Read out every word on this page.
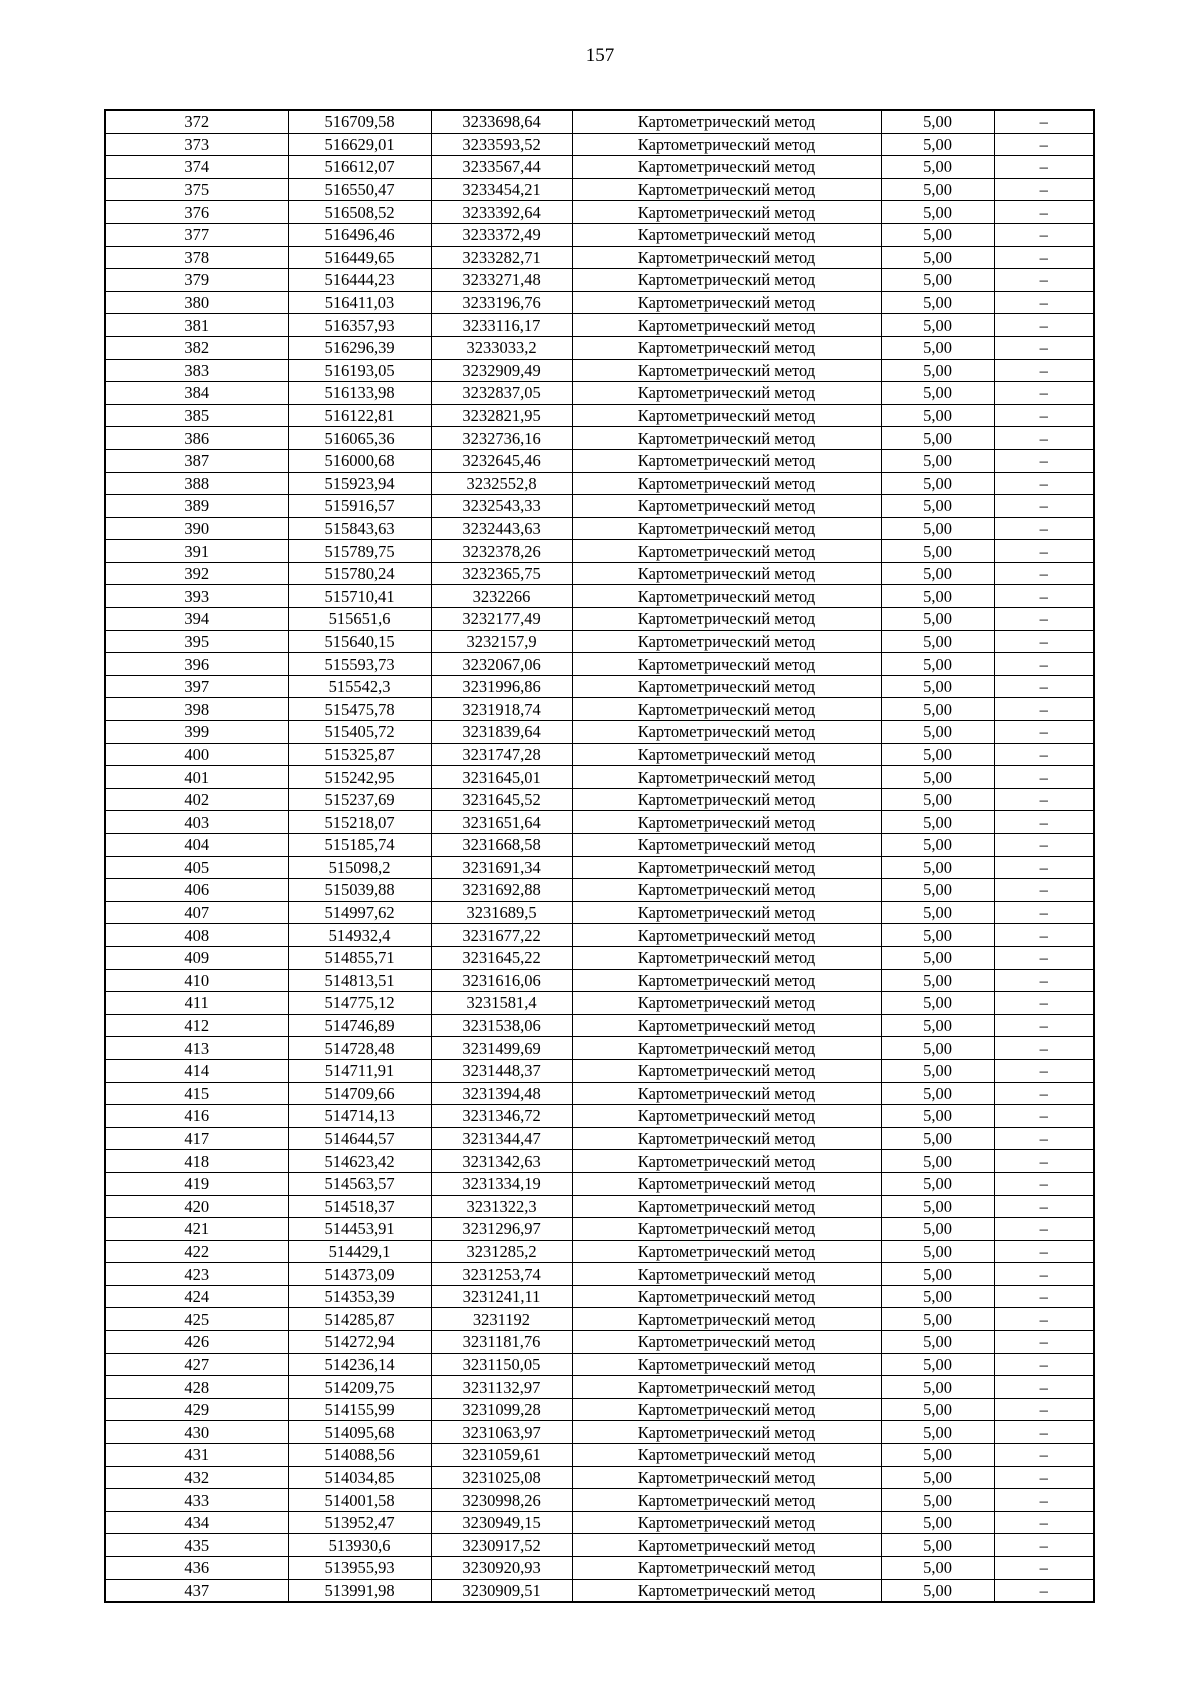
157
372	516709,58	3233698,64	Картометрический метод	5,00	–
373	516629,01	3233593,52	Картометрический метод	5,00	–
374	516612,07	3233567,44	Картометрический метод	5,00	–
375	516550,47	3233454,21	Картометрический метод	5,00	–
376	516508,52	3233392,64	Картометрический метод	5,00	–
377	516496,46	3233372,49	Картометрический метод	5,00	–
378	516449,65	3233282,71	Картометрический метод	5,00	–
379	516444,23	3233271,48	Картометрический метод	5,00	–
380	516411,03	3233196,76	Картометрический метод	5,00	–
381	516357,93	3233116,17	Картометрический метод	5,00	–
382	516296,39	3233033,2	Картометрический метод	5,00	–
383	516193,05	3232909,49	Картометрический метод	5,00	–
384	516133,98	3232837,05	Картометрический метод	5,00	–
385	516122,81	3232821,95	Картометрический метод	5,00	–
386	516065,36	3232736,16	Картометрический метод	5,00	–
387	516000,68	3232645,46	Картометрический метод	5,00	–
388	515923,94	3232552,8	Картометрический метод	5,00	–
389	515916,57	3232543,33	Картометрический метод	5,00	–
390	515843,63	3232443,63	Картометрический метод	5,00	–
391	515789,75	3232378,26	Картометрический метод	5,00	–
392	515780,24	3232365,75	Картометрический метод	5,00	–
393	515710,41	3232266	Картометрический метод	5,00	–
394	515651,6	3232177,49	Картометрический метод	5,00	–
395	515640,15	3232157,9	Картометрический метод	5,00	–
396	515593,73	3232067,06	Картометрический метод	5,00	–
397	515542,3	3231996,86	Картометрический метод	5,00	–
398	515475,78	3231918,74	Картометрический метод	5,00	–
399	515405,72	3231839,64	Картометрический метод	5,00	–
400	515325,87	3231747,28	Картометрический метод	5,00	–
401	515242,95	3231645,01	Картометрический метод	5,00	–
402	515237,69	3231645,52	Картометрический метод	5,00	–
403	515218,07	3231651,64	Картометрический метод	5,00	–
404	515185,74	3231668,58	Картометрический метод	5,00	–
405	515098,2	3231691,34	Картометрический метод	5,00	–
406	515039,88	3231692,88	Картометрический метод	5,00	–
407	514997,62	3231689,5	Картометрический метод	5,00	–
408	514932,4	3231677,22	Картометрический метод	5,00	–
409	514855,71	3231645,22	Картометрический метод	5,00	–
410	514813,51	3231616,06	Картометрический метод	5,00	–
411	514775,12	3231581,4	Картометрический метод	5,00	–
412	514746,89	3231538,06	Картометрический метод	5,00	–
413	514728,48	3231499,69	Картометрический метод	5,00	–
414	514711,91	3231448,37	Картометрический метод	5,00	–
415	514709,66	3231394,48	Картометрический метод	5,00	–
416	514714,13	3231346,72	Картометрический метод	5,00	–
417	514644,57	3231344,47	Картометрический метод	5,00	–
418	514623,42	3231342,63	Картометрический метод	5,00	–
419	514563,57	3231334,19	Картометрический метод	5,00	–
420	514518,37	3231322,3	Картометрический метод	5,00	–
421	514453,91	3231296,97	Картометрический метод	5,00	–
422	514429,1	3231285,2	Картометрический метод	5,00	–
423	514373,09	3231253,74	Картометрический метод	5,00	–
424	514353,39	3231241,11	Картометрический метод	5,00	–
425	514285,87	3231192	Картометрический метод	5,00	–
426	514272,94	3231181,76	Картометрический метод	5,00	–
427	514236,14	3231150,05	Картометрический метод	5,00	–
428	514209,75	3231132,97	Картометрический метод	5,00	–
429	514155,99	3231099,28	Картометрический метод	5,00	–
430	514095,68	3231063,97	Картометрический метод	5,00	–
431	514088,56	3231059,61	Картометрический метод	5,00	–
432	514034,85	3231025,08	Картометрический метод	5,00	–
433	514001,58	3230998,26	Картометрический метод	5,00	–
434	513952,47	3230949,15	Картометрический метод	5,00	–
435	513930,6	3230917,52	Картометрический метод	5,00	–
436	513955,93	3230920,93	Картометрический метод	5,00	–
437	513991,98	3230909,51	Картометрический метод	5,00	–
